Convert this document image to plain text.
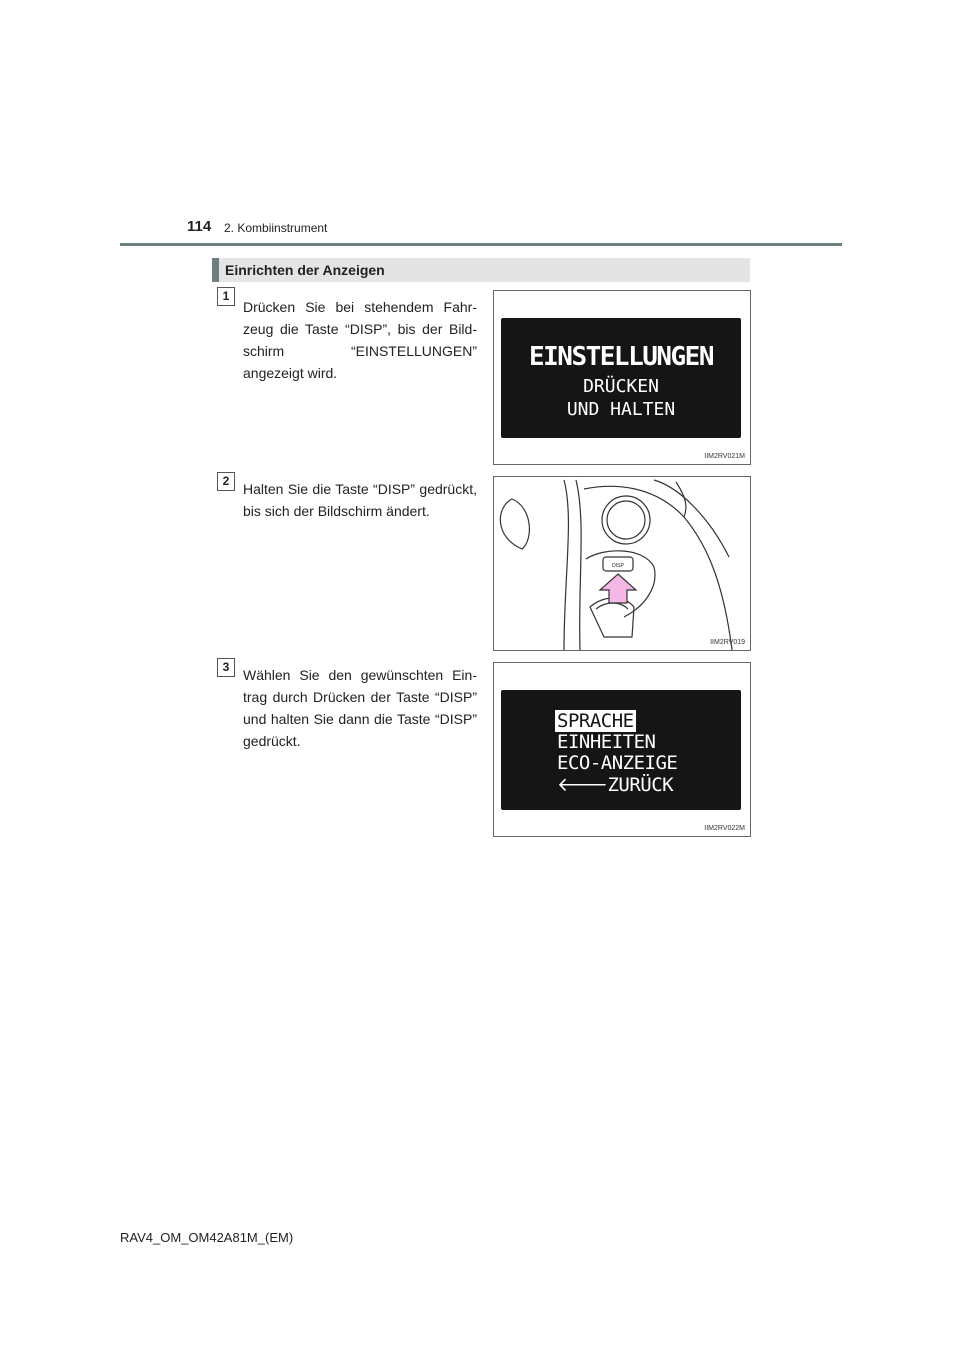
114 2. Kombiinstrument
Einrichten der Anzeigen
1
Drücken Sie bei stehendem Fahr-zeug die Taste “DISP”, bis der Bild-schirm “EINSTELLUNGEN” angezeigt wird.
EINSTELLUNGEN
DRÜCKEN
UND HALTEN
IIM2RV021M
2 Halten Sie die Taste “DISP” gedrückt, bis sich der Bildschirm ändert.
DISP
IIM2RV019
3 Wählen Sie den gewünschten Ein-trag durch Drücken der Taste “DISP” und halten Sie dann die Taste “DISP” gedrückt.
SPRACHE
EINHEITEN
ECO-ANZEIGE
🡐ZURÜCK
IIM2RV022M
RAV4_OM_OM42A81M_(EM)
